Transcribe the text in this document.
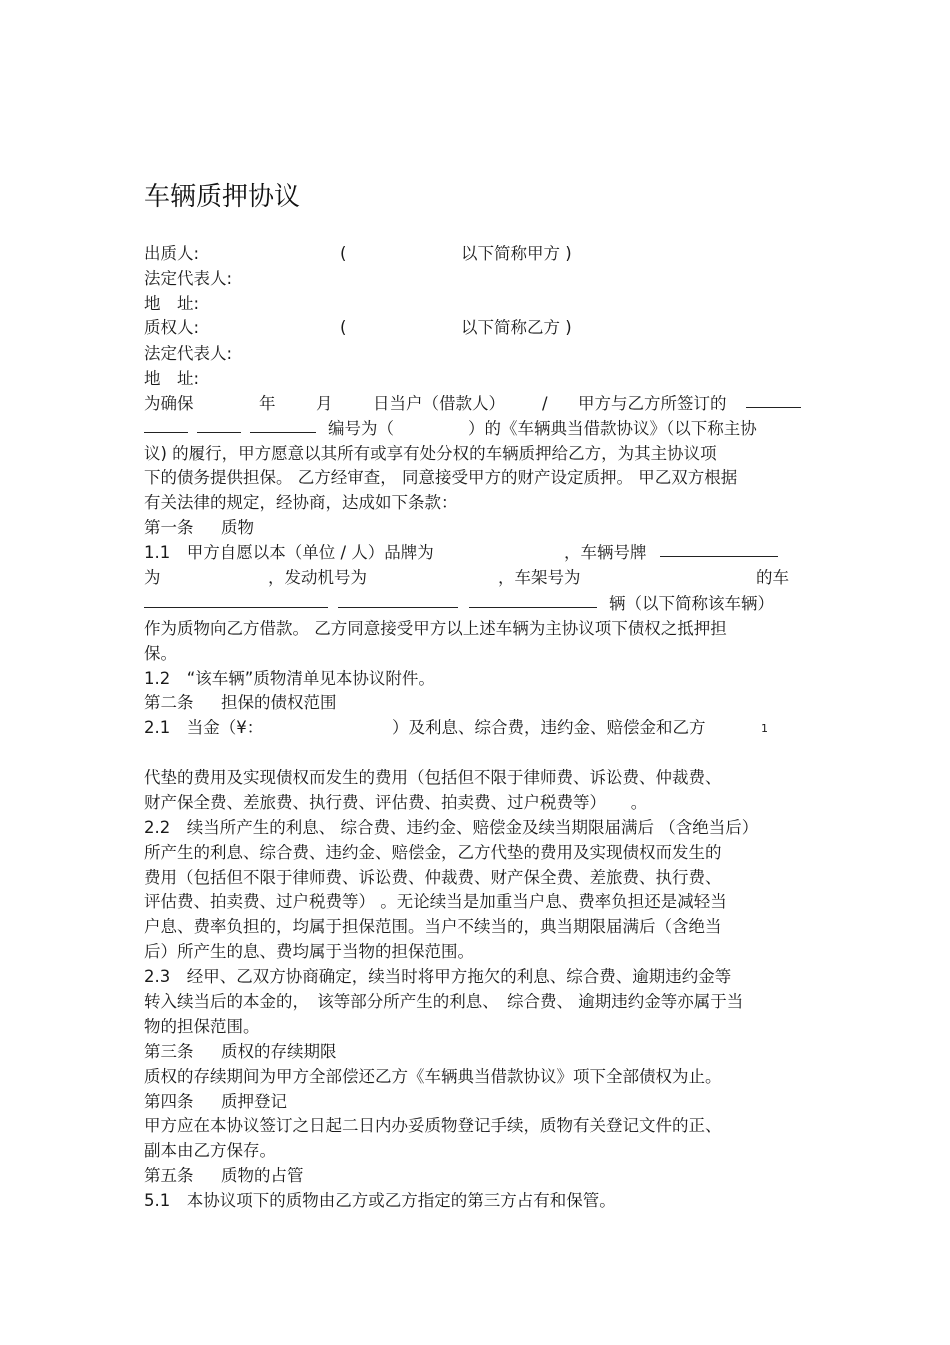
车辆质押协议
出质人:	(	以下简称甲方 )
法定代表人:
地　址:
质权人:	(	以下简称乙方 )
法定代表人:
地　址:
为确保	年 月 日当户（借款人） / 甲方与乙方所签订的
编号为（	）的《车辆典当借款协议》（以下称主协
议) 的履行，甲方愿意以其所有或享有处分权的车辆质押给乙方，为其主协议项
下的债务提供担保。 乙方经审查， 同意接受甲方的财产设定质押。 甲乙双方根据
有关法律的规定，经协商，达成如下条款：
第一条 质物
1.1　甲方自愿以本（单位 / 人）品牌为	，车辆号牌
为	，发动机号为	，车架号为	的车
辆（以下简称该车辆）
作为质物向乙方借款。 乙方同意接受甲方以上述车辆为主协议项下债权之抵押担
保。
1.2　“该车辆”质物清单见本协议附件。
第二条 担保的债权范围
2.1　当金（¥：	）及利息、综合费，违约金、赔偿金和乙方	1
代垫的费用及实现债权而发生的费用（包括但不限于律师费、诉讼费、仲裁费、
财产保全费、差旅费、执行费、评估费、拍卖费、过户税费等）　　。
2.2　续当所产生的利息、 综合费、违约金、赔偿金及续当期限届满后 （含绝当后）
所产生的利息、综合费、违约金、赔偿金，乙方代垫的费用及实现债权而发生的
费用（包括但不限于律师费、诉讼费、仲裁费、财产保全费、差旅费、执行费、
评估费、拍卖费、过户税费等） 。无论续当是加重当户息、费率负担还是减轻当
户息、费率负担的，均属于担保范围。当户不续当的，典当期限届满后（含绝当
后）所产生的息、费均属于当物的担保范围。
2.3　经甲、乙双方协商确定，续当时将甲方拖欠的利息、综合费、逾期违约金等
转入续当后的本金的，　该等部分所产生的利息、　综合费、 逾期违约金等亦属于当
物的担保范围。
第三条 质权的存续期限
质权的存续期间为甲方全部偿还乙方《车辆典当借款协议》项下全部债权为止。
第四条 质押登记
甲方应在本协议签订之日起二日内办妥质物登记手续，质物有关登记文件的正、
副本由乙方保存。
第五条 质物的占管
5.1　本协议项下的质物由乙方或乙方指定的第三方占有和保管。
